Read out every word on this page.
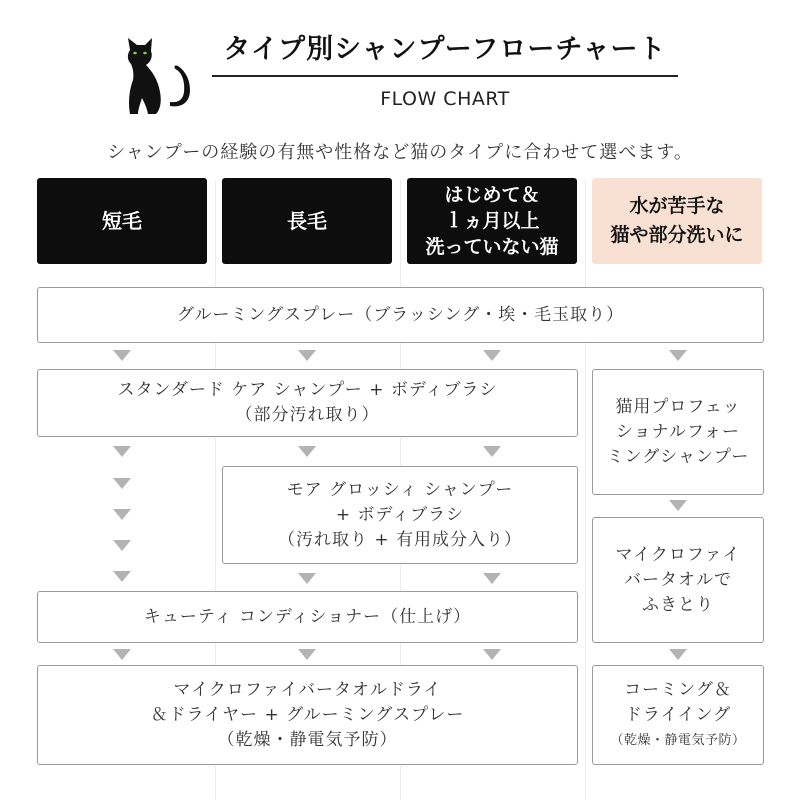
タイプ別シャンプーフローチャート
FLOW CHART
シャンプーの経験の有無や性格など猫のタイプに合わせて選べます。
短毛	長毛
はじめて＆
ｌヵ月以上
洗っていない猫
水が苦手な
猫や部分洗いに
グルーミングスプレー（ブラッシング・埃・毛玉取り）
スタンダード ケア シャンプー + ボディブラシ
（部分汚れ取り）
モア グロッシィ シャンプー
+ ボディブラシ
（汚れ取り + 有用成分入り）
キューティ コンディショナー（仕上げ）
マイクロファイバータオルドライ
＆ドライヤー + グルーミングスプレー
（乾燥・静電気予防）
猫用プロフェッ
ショナルフォー
ミングシャンプー
マイクロファイ
バータオルで
ふきとり
コーミング＆
ドライイング
（乾燥・静電気予防）
